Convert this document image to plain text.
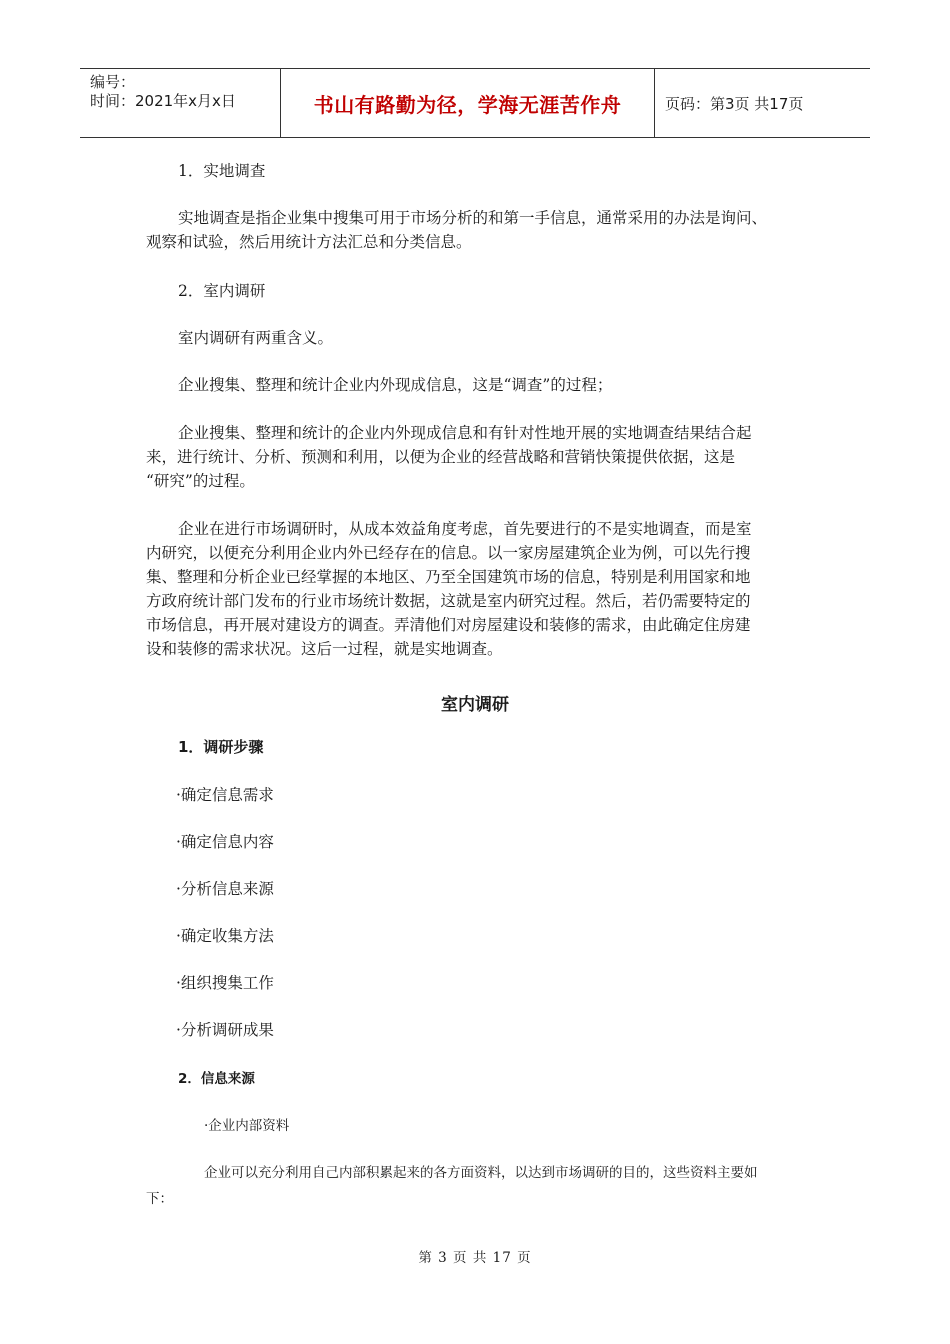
编号：
时间：2021年x月x日	书山有路勤为径，学海无涯苦作舟	页码：第3页 共17页
1．实地调查
实地调查是指企业集中搜集可用于市场分析的和第一手信息，通常采用的办法是询问、
观察和试验，然后用统计方法汇总和分类信息。
2．室内调研
室内调研有两重含义。
企业搜集、整理和统计企业内外现成信息，这是“调查”的过程；
企业搜集、整理和统计的企业内外现成信息和有针对性地开展的实地调查结果结合起
来，进行统计、分析、预测和利用，以便为企业的经营战略和营销快策提供依据，这是
“研究”的过程。
企业在进行市场调研时，从成本效益角度考虑，首先要进行的不是实地调查，而是室
内研究，以便充分利用企业内外已经存在的信息。以一家房屋建筑企业为例，可以先行搜
集、整理和分析企业已经掌握的本地区、乃至全国建筑市场的信息，特别是利用国家和地
方政府统计部门发布的行业市场统计数据，这就是室内研究过程。然后，若仍需要特定的
市场信息，再开展对建设方的调查。弄清他们对房屋建设和装修的需求，由此确定住房建
设和装修的需求状况。这后一过程，就是实地调查。
室内调研
1．调研步骤
·确定信息需求
·确定信息内容
·分析信息来源
·确定收集方法
·组织搜集工作
·分析调研成果
2．信息来源
·企业内部资料
企业可以充分利用自己内部积累起来的各方面资料，以达到市场调研的目的，这些资料主要如
下：
第 3 页 共 17 页
